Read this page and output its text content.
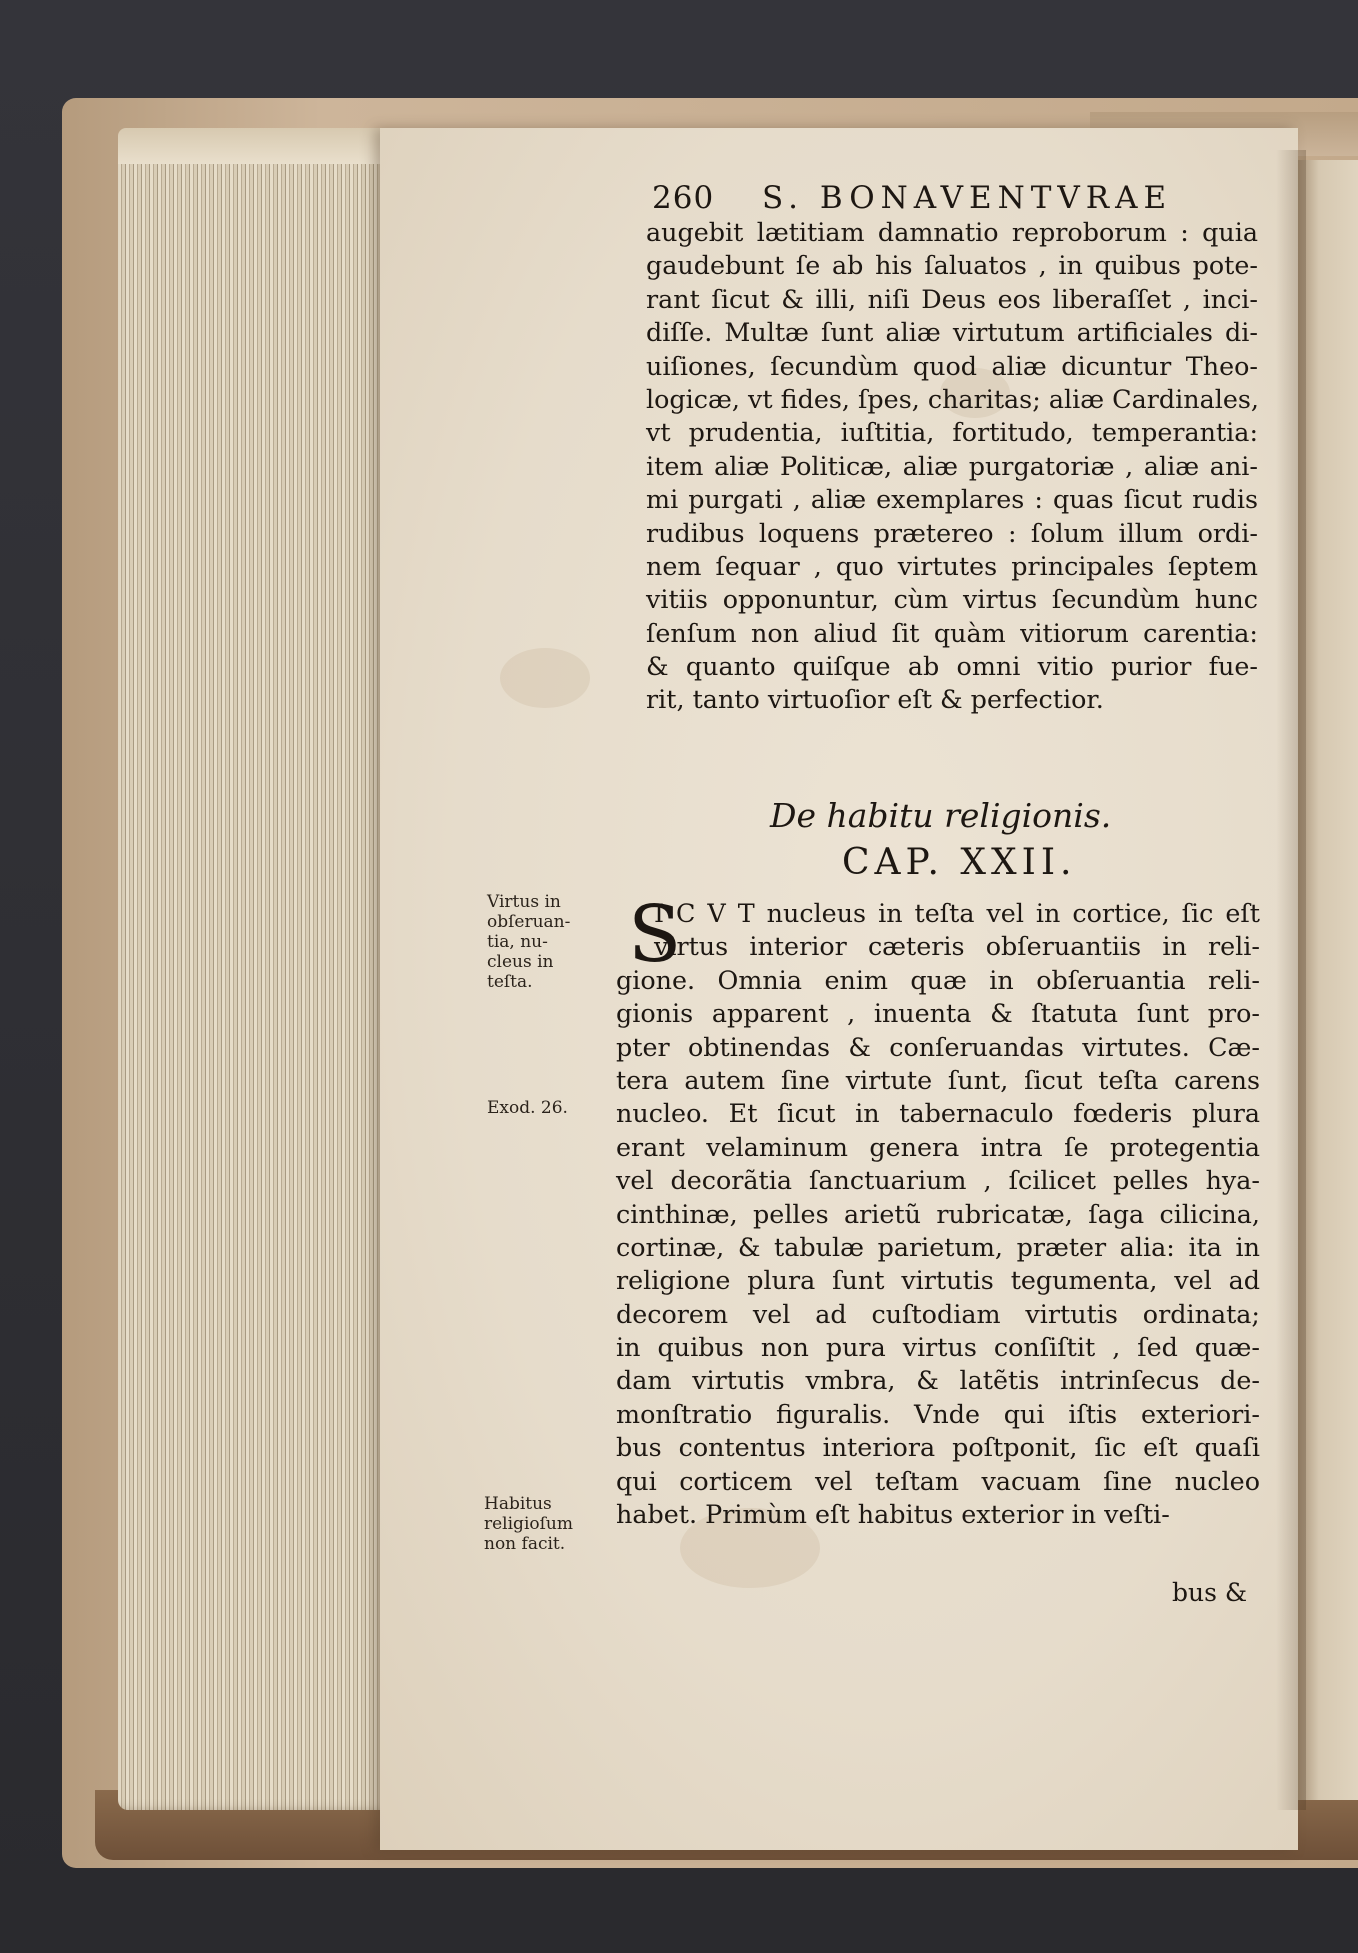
260	S. BONAVENTVRAE
augebit lætitiam damnatio reproborum : quia
gaudebunt ſe ab his ſaluatos , in quibus pote-
rant ſicut & illi, niſi Deus eos liberaſſet , inci-
diſſe. Multæ ſunt aliæ virtutum artificiales di-
uiſiones, ſecundùm quod aliæ dicuntur Theo-
logicæ, vt fides, ſpes, charitas; aliæ Cardinales,
vt prudentia, iuſtitia, fortitudo, temperantia:
item aliæ Politicæ, aliæ purgatoriæ , aliæ ani-
mi purgati , aliæ exemplares : quas ſicut rudis
rudibus loquens prætereo : ſolum illum ordi-
nem ſequar , quo virtutes principales ſeptem
vitiis opponuntur, cùm virtus ſecundùm hunc
ſenſum non aliud ſit quàm vitiorum carentia:
& quanto quiſque ab omni vitio purior fue-
rit, tanto virtuoſior eſt & perfectior.
De habitu religionis.
CAP. XXII.
S
I C V T nucleus in teſta vel in cortice, ſic eſt
virtus interior cæteris obſeruantiis in reli-
gione. Omnia enim quæ in obſeruantia reli-
gionis apparent , inuenta & ſtatuta ſunt pro-
pter obtinendas & conſeruandas virtutes. Cæ-
tera autem ſine virtute ſunt, ſicut teſta carens
nucleo. Et ſicut in tabernaculo fœderis plura
erant velaminum genera intra ſe protegentia
vel decorãtia ſanctuarium , ſcilicet pelles hya-
cinthinæ, pelles arietũ rubricatæ, ſaga cilicina,
cortinæ, & tabulæ parietum, præter alia: ita in
religione plura ſunt virtutis tegumenta, vel ad
decorem vel ad cuſtodiam virtutis ordinata;
in quibus non pura virtus conſiſtit , ſed quæ-
dam virtutis vmbra, & latẽtis intrinſecus de-
monſtratio figuralis. Vnde qui iſtis exteriori-
bus contentus interiora poſtponit, ſic eſt quaſi
qui corticem vel teſtam vacuam ſine nucleo
habet. Primùm eſt habitus exterior in veſti-
bus &
Virtus in
obſeruan-
tia, nu-
cleus in
teſta.
Exod. 26.
Habitus
religioſum
non facit.
